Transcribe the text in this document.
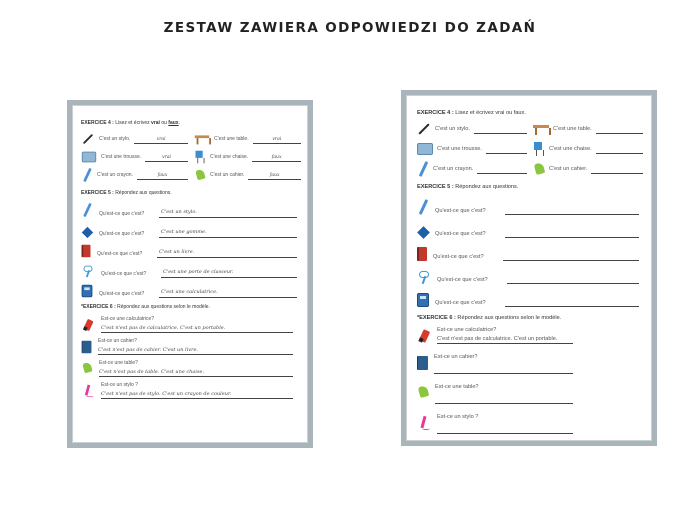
ZESTAW ZAWIERA ODPOWIEDZI DO ZADAŃ
EXERCICE 4 : Lisez et écrivez vrai ou faux.
C'est un stylo.	vrai	C'est une table.	vrai
C'est une trousse.	vrai	C'est une chaise.	faux
C'est un crayon.	faux	C'est un cahier.	faux
EXERCICE 5 : Répondez aux questions.
Qu'est-ce que c'est?	C'est un stylo.
Qu'est-ce que c'est?	C'est une gomme.
Qu'est-ce que c'est?	C'est un livre.
Qu'est-ce que c'est?	C'est une porte de classeur.
Qu'est-ce que c'est?	C'est une calculatrice.
*EXERCICE 6 : Répondez aux questions selon le modèle.
Est-ce une calculatrice?
C'est n'est pas de calculatrice. C'est un portable.
Est-ce un cahier?
C'est n'est pas de cahier. C'est un livre.
Est-ce une table?
C'est n'est pas de table. C'est une chaise.
Est-ce un stylo ?
C'est n'est pas de stylo. C'est un crayon de couleur.
EXERCICE 4 : Lisez et écrivez vrai ou faux.
C'est un stylo.	C'est une table.
C'est une trousse.	C'est une chaise.
C'est un crayon.	C'est un cahier.
EXERCICE 5 : Répondez aux questions.
Qu'est-ce que c'est?
Qu'est-ce que c'est?
Qu'est-ce que c'est?
Qu'est-ce que c'est?
Qu'est-ce que c'est?
*EXERCICE 6 : Répondez aux questions selon le modèle.
Est-ce une calculatrice?
C'est n'est pas de calculatrice. C'est un portable.
Est-ce un cahier?
Est-ce une table?
Est-ce un stylo ?
